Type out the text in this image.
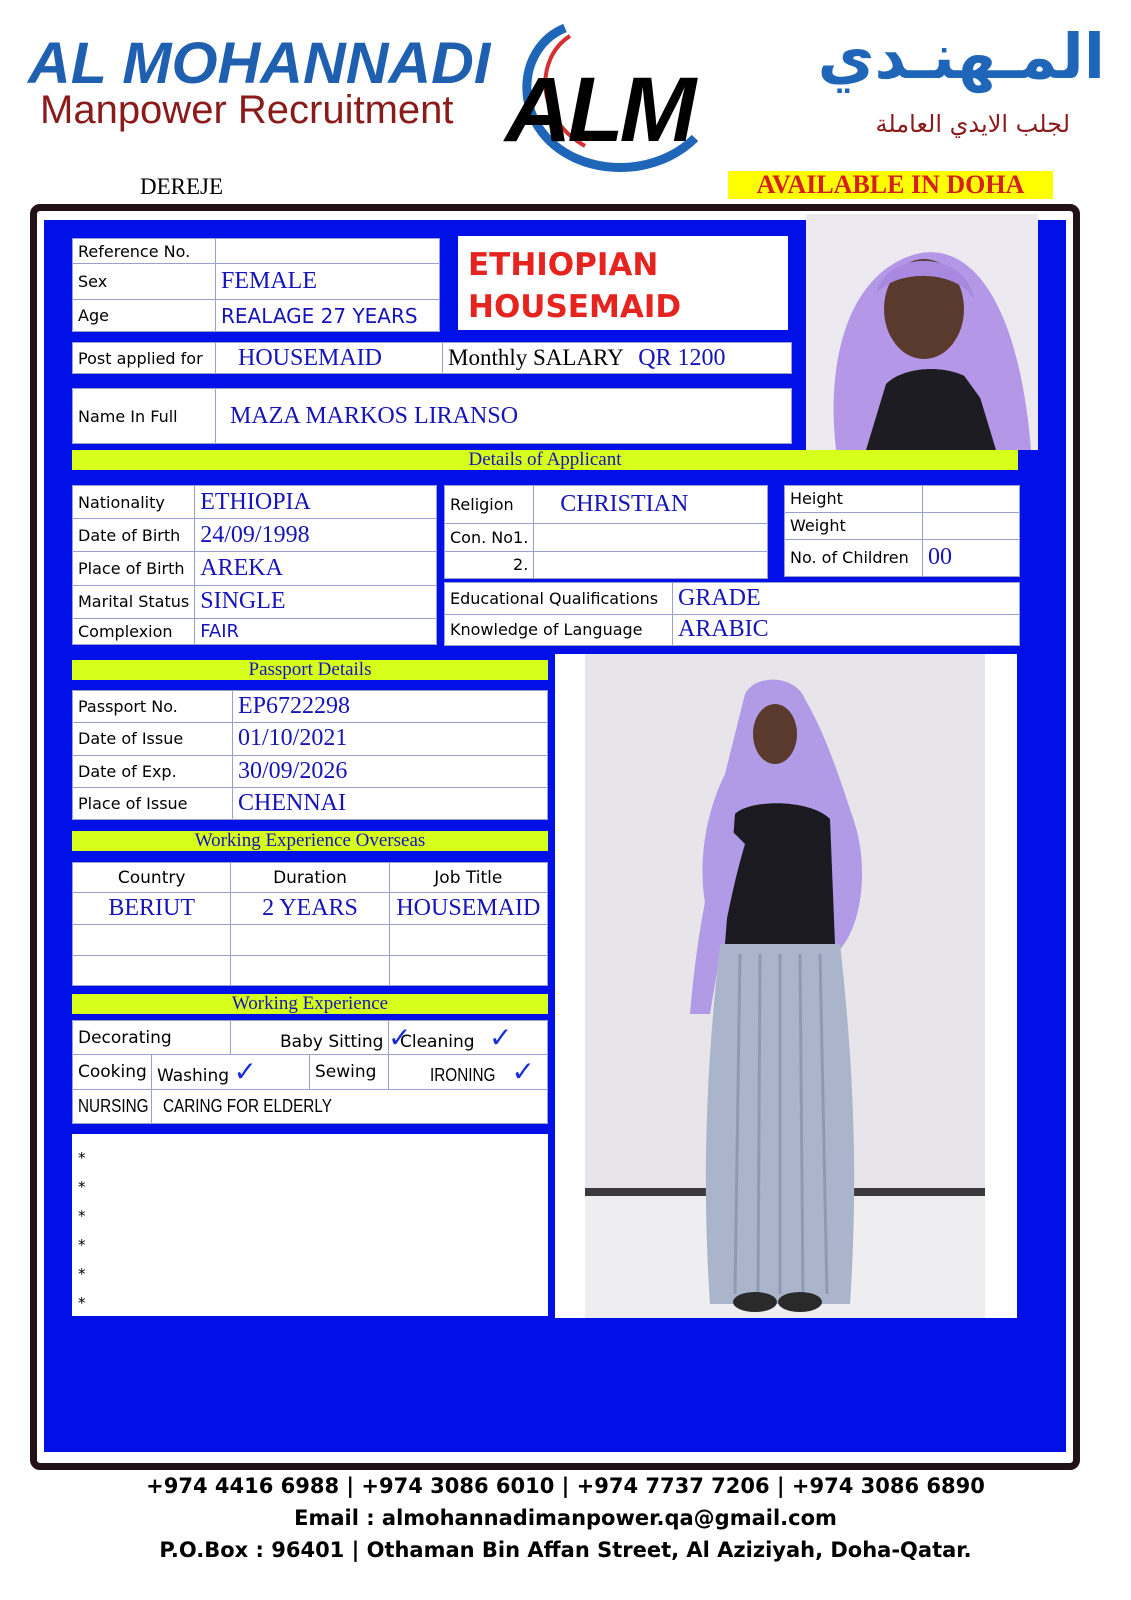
AL MOHANNADI
Manpower Recruitment ALM
المـهنـدي
لجلب الايدي العاملة
DEREJE	AVAILABLE IN DOHA
Reference No.	
Sex	FEMALE
Age	REALAGE 27 YEARS
ETHIOPIAN
HOUSEMAID
Post applied for	HOUSEMAID	Monthly SALARY QR 1200
Name In Full	MAZA MARKOS LIRANSO
Details of Applicant
Nationality	ETHIOPIA
Date of Birth	24/09/1998
Place of Birth	AREKA
Marital Status	SINGLE
Complexion	FAIR
Religion	CHRISTIAN
Con. No1.	
2.	
Height	
Weight	
No. of Children	00
Educational Qualifications	GRADE
Knowledge of Language	ARABIC
Passport Details
Passport No.	EP6722298
Date of Issue	01/10/2021
Date of Exp.	30/09/2026
Place of Issue	CHENNAI
Working Experience Overseas
Country	Duration	Job Title
BERIUT	2 YEARS	HOUSEMAID

Working Experience
Decorating		Baby Sitting ✓		Cleaning ✓
Cooking	Washing ✓		Sewing	IRONING ✓
NURSING	CARING FOR ELDERLY			
*
*
*
*
*
*
+974 4416 6988 | +974 3086 6010 | +974 7737 7206 | +974 3086 6890
Email : almohannadimanpower.qa@gmail.com
P.O.Box : 96401 | Othaman Bin Affan Street, Al Aziziyah, Doha-Qatar.
